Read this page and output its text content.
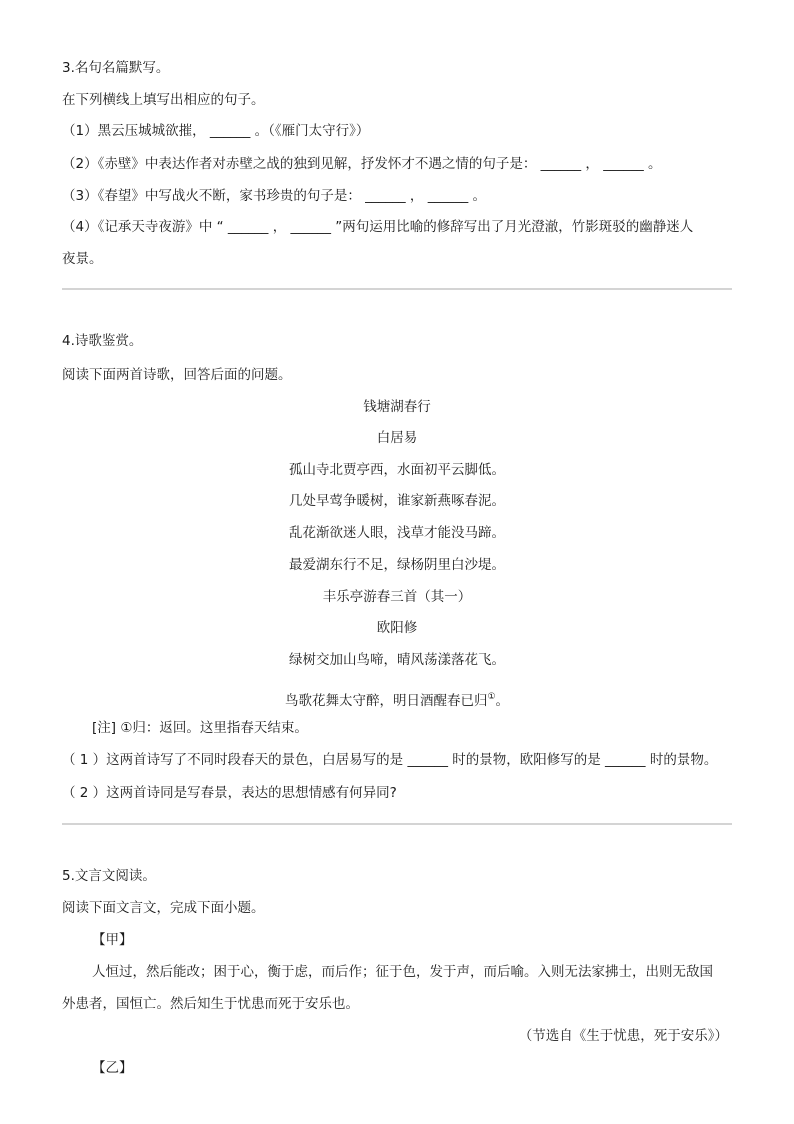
3.名句名篇默写。
在下列横线上填写出相应的句子。
（1）黑云压城城欲摧， ______ 。（《雁门太守行》）
（2）《赤壁》中表达作者对赤壁之战的独到见解，抒发怀才不遇之情的句子是： ______ ， ______ 。
（3）《春望》中写战火不断，家书珍贵的句子是： ______ ， ______ 。
（4）《记承天寺夜游》中 “ ______ ， ______ ”两句运用比喻的修辞写出了月光澄澈，竹影斑驳的幽静迷人
夜景。
4.诗歌鉴赏。
阅读下面两首诗歌，回答后面的问题。
钱塘湖春行
白居易
孤山寺北贾亭西，水面初平云脚低。
几处早莺争暖树，谁家新燕啄春泥。
乱花渐欲迷人眼，浅草才能没马蹄。
最爱湖东行不足，绿杨阴里白沙堤。
丰乐亭游春三首（其一）
欧阳修
绿树交加山鸟啼，晴风荡漾落花飞。
鸟歌花舞太守醉，明日酒醒春已归①。
[注] ①归：返回。这里指春天结束。
（ 1 ）这两首诗写了不同时段春天的景色，白居易写的是 ______ 时的景物，欧阳修写的是 ______ 时的景物。
（ 2 ）这两首诗同是写春景，表达的思想情感有何异同?
5.文言文阅读。
阅读下面文言文，完成下面小题。
【甲】
人恒过，然后能改；困于心，衡于虑，而后作；征于色，发于声，而后喻。入则无法家拂士，出则无敌国
外患者，国恒亡。然后知生于忧患而死于安乐也。
（节选自《生于忧患，死于安乐》）
【乙】
